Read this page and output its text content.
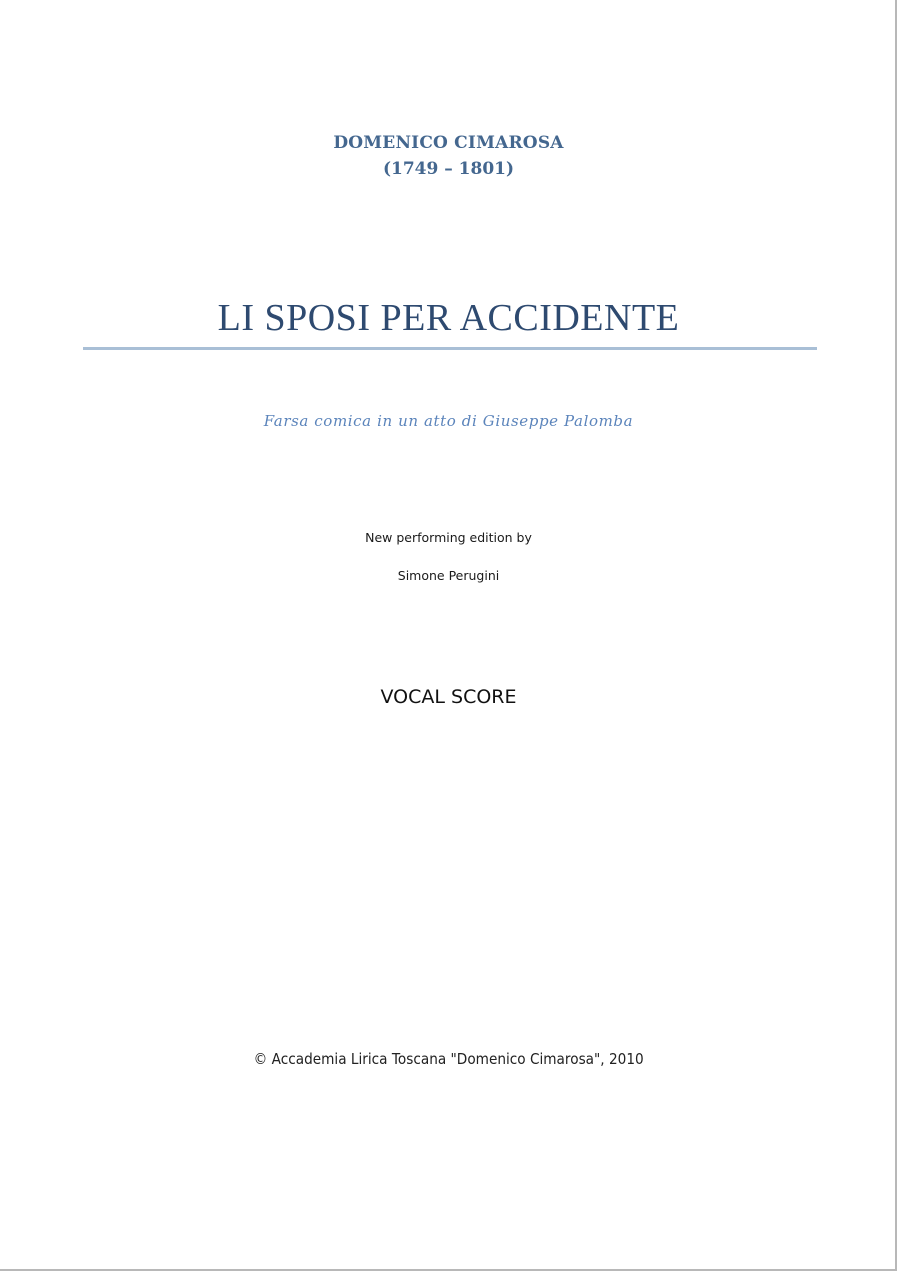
DOMENICO CIMAROSA
(1749 – 1801)
LI SPOSI PER ACCIDENTE
Farsa comica in un atto di Giuseppe Palomba
New performing edition by
Simone Perugini
VOCAL SCORE
© Accademia Lirica Toscana "Domenico Cimarosa", 2010
